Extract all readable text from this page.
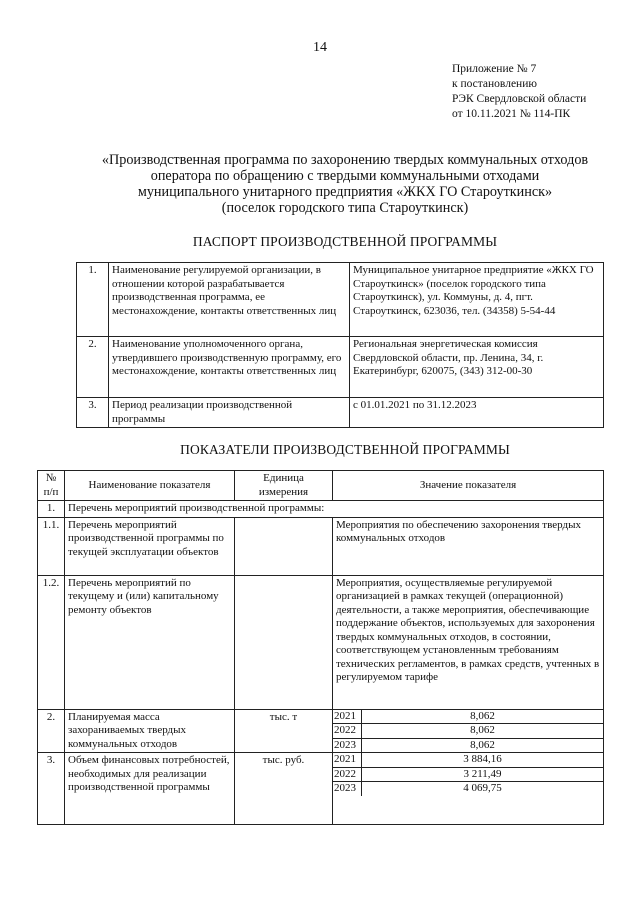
14
Приложение № 7
к постановлению
РЭК Свердловской области
от 10.11.2021 № 114-ПК
«Производственная программа по захоронению твердых коммунальных отходов
оператора по обращению с твердыми коммунальными отходами
муниципального унитарного предприятия «ЖКХ ГО Староуткинск»
(поселок городского типа Староуткинск)
ПАСПОРТ ПРОИЗВОДСТВЕННОЙ ПРОГРАММЫ
1.	Наименование регулируемой организации, в отношении которой разрабатывается производственная программа, ее местонахождение, контакты ответственных лиц	Муниципальное унитарное предприятие «ЖКХ ГО Староуткинск» (поселок городского типа Староуткинск), ул. Коммуны, д. 4, пгт. Староуткинск, 623036, тел. (34358) 5-54-44
2.	Наименование уполномоченного органа, утвердившего производственную программу, его местонахождение, контакты ответственных лиц	Региональная энергетическая комиссия Свердловской области, пр. Ленина, 34, г. Екатеринбург, 620075, (343) 312-00-30
3.	Период реализации производственной программы	с 01.01.2021 по 31.12.2023
ПОКАЗАТЕЛИ ПРОИЗВОДСТВЕННОЙ ПРОГРАММЫ
№ п/п	Наименование показателя	Единица измерения	Значение показателя
1.	Перечень мероприятий производственной программы:
1.1.	Перечень мероприятий производственной программы по текущей эксплуатации объектов		Мероприятия по обеспечению захоронения твердых коммунальных отходов
1.2.	Перечень мероприятий по текущему и (или) капитальному ремонту объектов		Мероприятия, осуществляемые регулируемой организацией в рамках текущей (операционной) деятельности, а также мероприятия, обеспечивающие поддержание объектов, используемых для захоронения твердых коммунальных отходов, в состоянии, соответствующем установленным требованиям технических регламентов, в рамках средств, учтенных в регулируемом тарифе
2.	Планируемая масса захораниваемых твердых коммунальных отходов	тыс. т		2021	8,062
2022	8,062
2023	8,062

3.	Объем финансовых потребностей, необходимых для реализации производственной программы	тыс. руб.		2021	3 884,16
2022	3 211,49
2023	4 069,75
